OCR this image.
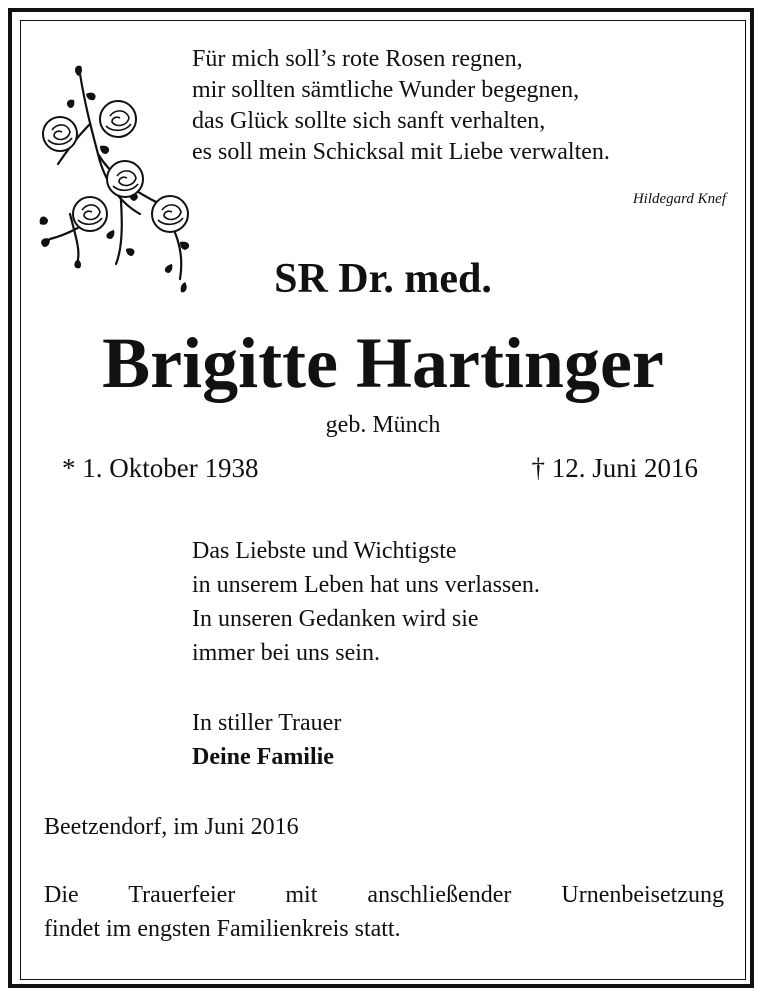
Für mich soll’s rote Rosen regnen,
mir sollten sämtliche Wunder begegnen,
das Glück sollte sich sanft verhalten,
es soll mein Schicksal mit Liebe verwalten.
Hildegard Knef
SR Dr. med.
Brigitte Hartinger
geb. Münch
* 1. Oktober 1938	† 12. Juni 2016
Das Liebste und Wichtigste
in unserem Leben hat uns verlassen.
In unseren Gedanken wird sie
immer bei uns sein.
In stiller Trauer
Deine Familie
Beetzendorf, im Juni 2016
Die Trauerfeier mit anschließender Urnenbeisetzung
findet im engsten Familienkreis statt.
